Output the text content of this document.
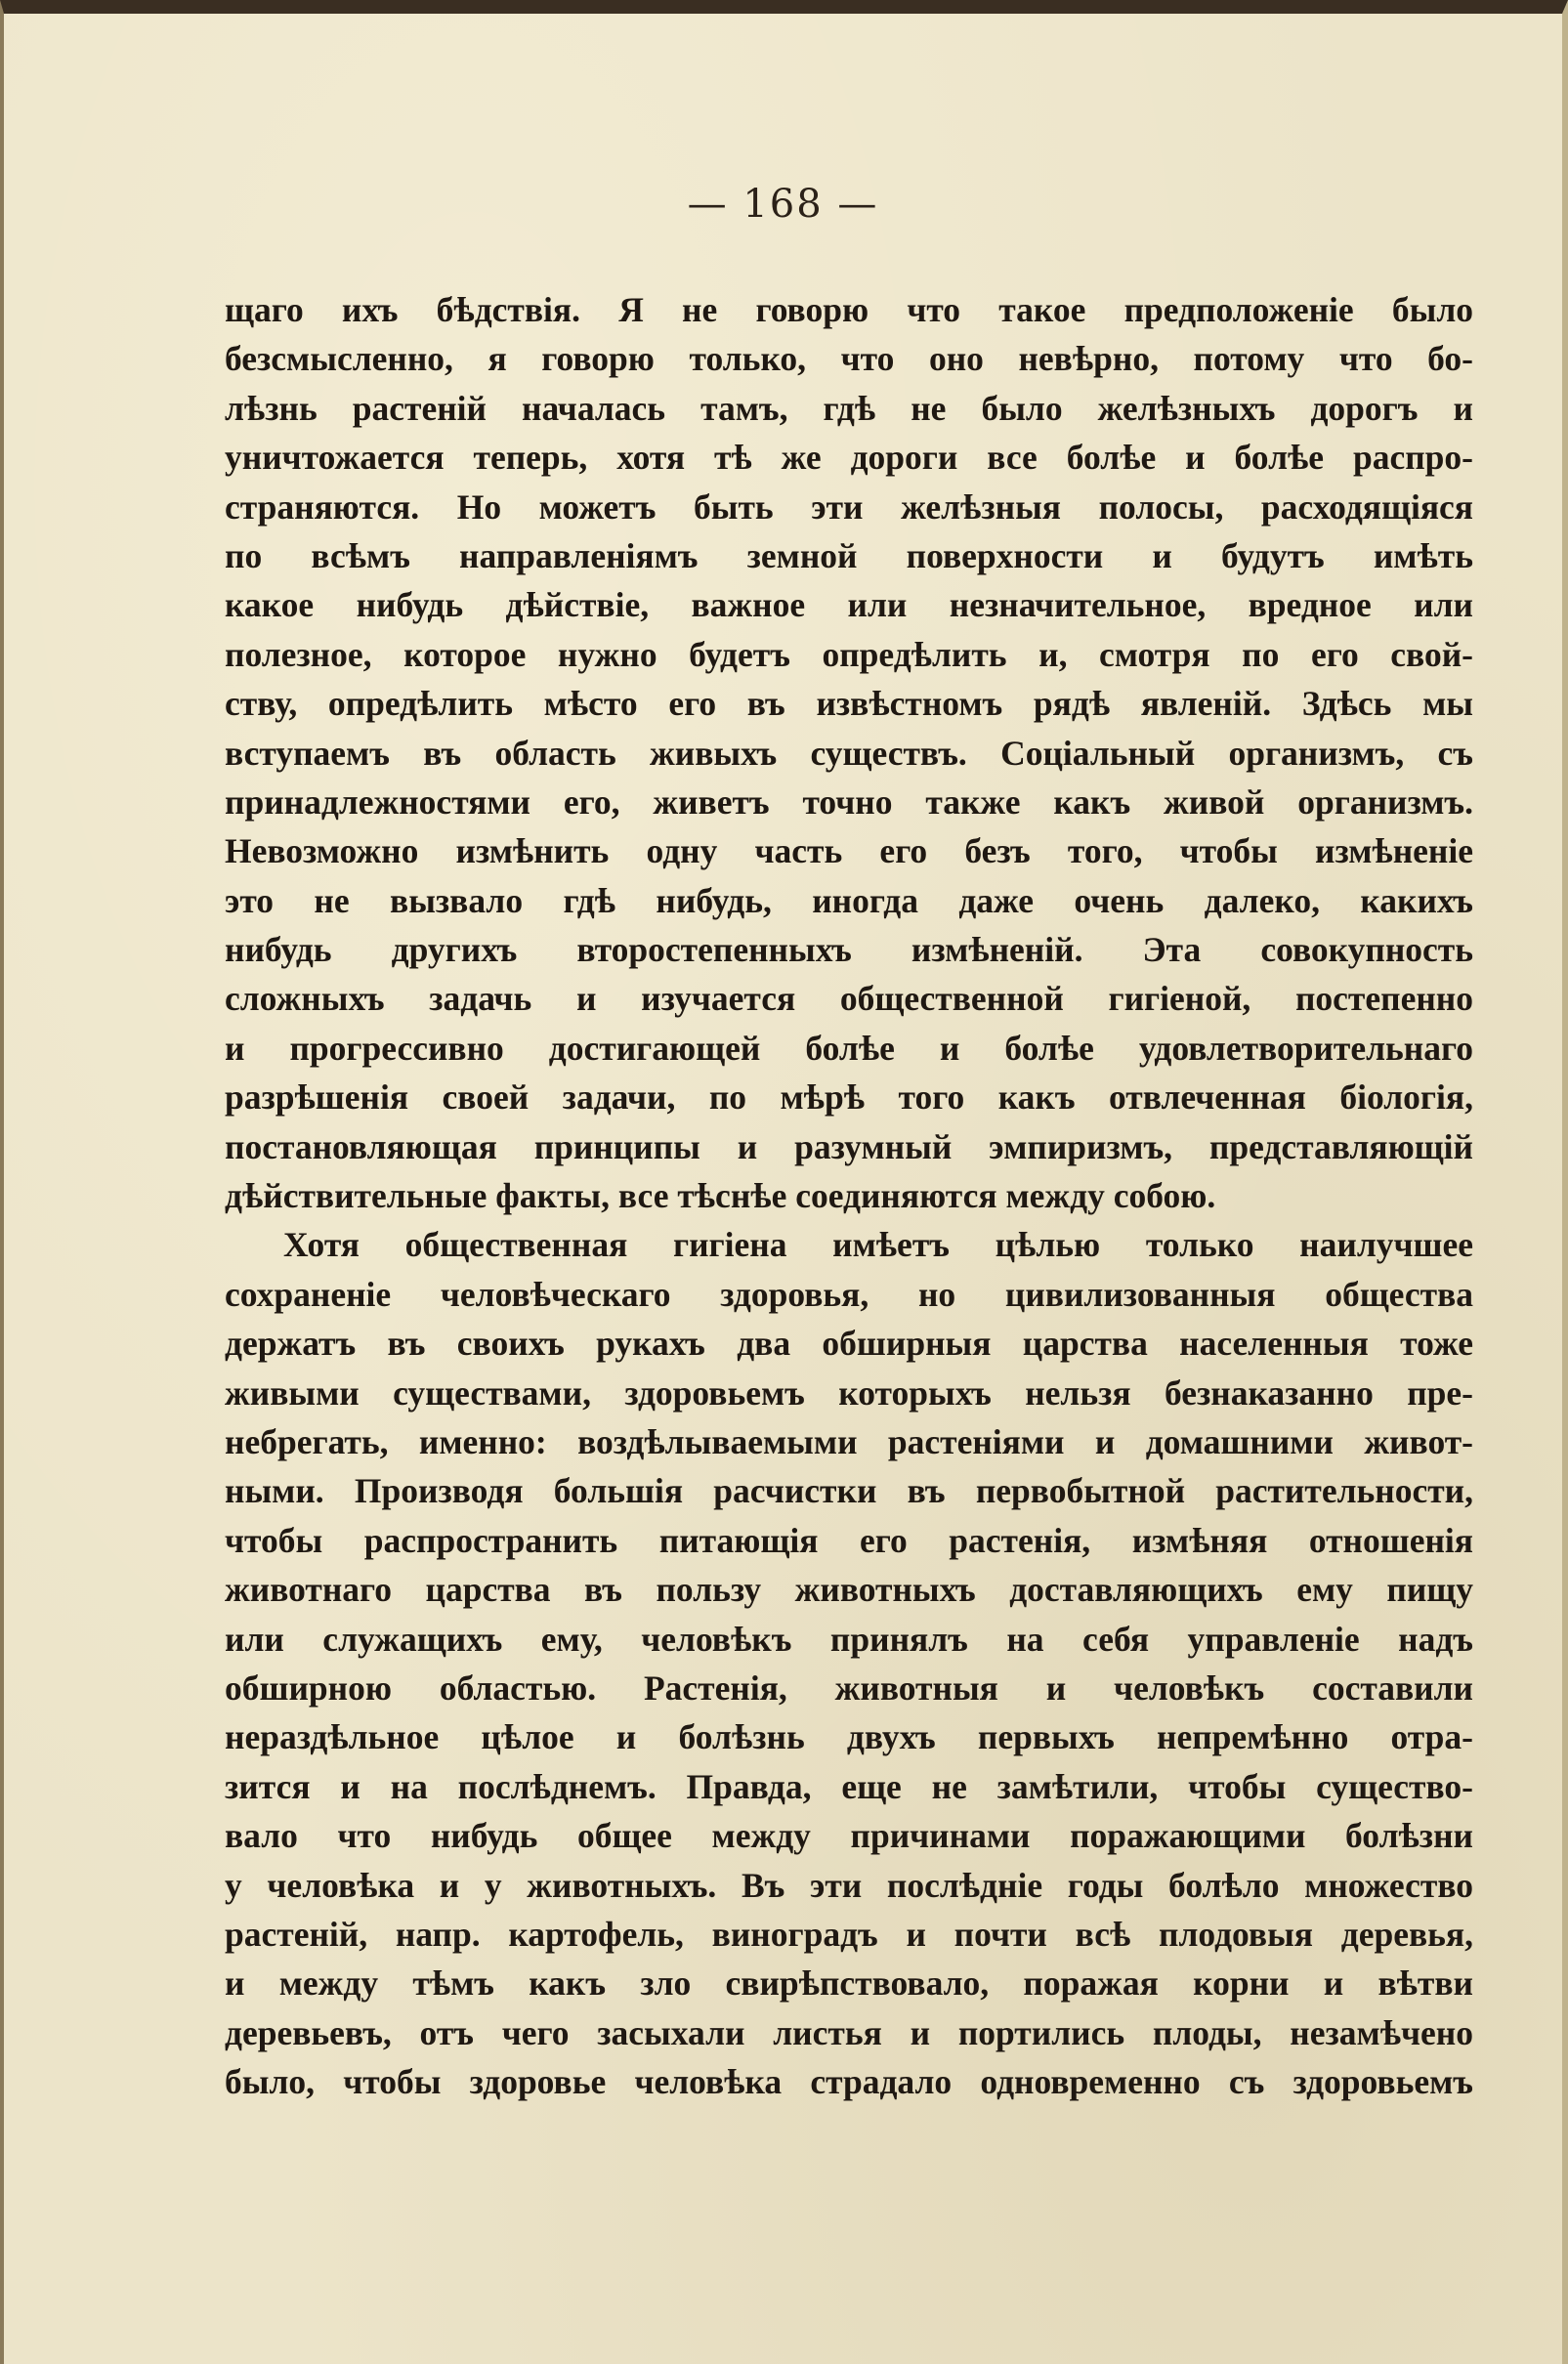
— 168 —
щаго ихъ бѣдствія. Я не говорю что такое предположеніе было
безсмысленно, я говорю только, что оно невѣрно, потому что бо-
лѣзнь растеній началась тамъ, гдѣ не было желѣзныхъ дорогъ и
уничтожается теперь, хотя тѣ же дороги все болѣе и болѣе распро-
страняются. Но можетъ быть эти желѣзныя полосы, расходящіяся
по всѣмъ направленіямъ земной поверхности и будутъ имѣть
какое нибудь дѣйствіе, важное или незначительное, вредное или
полезное, которое нужно будетъ опредѣлить и, смотря по его свой-
ству, опредѣлить мѣсто его въ извѣстномъ рядѣ явленій. Здѣсь мы
вступаемъ въ область живыхъ существъ. Соціальный организмъ, съ
принадлежностями его, живетъ точно также какъ живой организмъ.
Невозможно измѣнить одну часть его безъ того, чтобы измѣненіе
это не вызвало гдѣ нибудь, иногда даже очень далеко, какихъ
нибудь другихъ второстепенныхъ измѣненій. Эта совокупность
сложныхъ задачь и изучается общественной гигіеной, постепенно
и прогрессивно достигающей болѣе и болѣе удовлетворительнаго
разрѣшенія своей задачи, по мѣрѣ того какъ отвлеченная біологія,
постановляющая принципы и разумный эмпиризмъ, представляющій
дѣйствительные факты, все тѣснѣе соединяются между собою.
Хотя общественная гигіена имѣетъ цѣлью только наилучшее
сохраненіе человѣческаго здоровья, но цивилизованныя общества
держатъ въ своихъ рукахъ два обширныя царства населенныя тоже
живыми существами, здоровьемъ которыхъ нельзя безнаказанно пре-
небрегать, именно: воздѣлываемыми растеніями и домашними живот-
ными. Производя большія расчистки въ первобытной растительности,
чтобы распространить питающія его растенія, измѣняя отношенія
животнаго царства въ пользу животныхъ доставляющихъ ему пищу
или служащихъ ему, человѣкъ принялъ на себя управленіе надъ
обширною областью. Растенія, животныя и человѣкъ составили
нераздѣльное цѣлое и болѣзнь двухъ первыхъ непремѣнно отра-
зится и на послѣднемъ. Правда, еще не замѣтили, чтобы существо-
вало что нибудь общее между причинами поражающими болѣзни
у человѣка и у животныхъ. Въ эти послѣдніе годы болѣло множество
растеній, напр. картофель, виноградъ и почти всѣ плодовыя деревья,
и между тѣмъ какъ зло свирѣпствовало, поражая корни и вѣтви
деревьевъ, отъ чего засыхали листья и портились плоды, незамѣчено
было, чтобы здоровье человѣка страдало одновременно съ здоровьемъ
